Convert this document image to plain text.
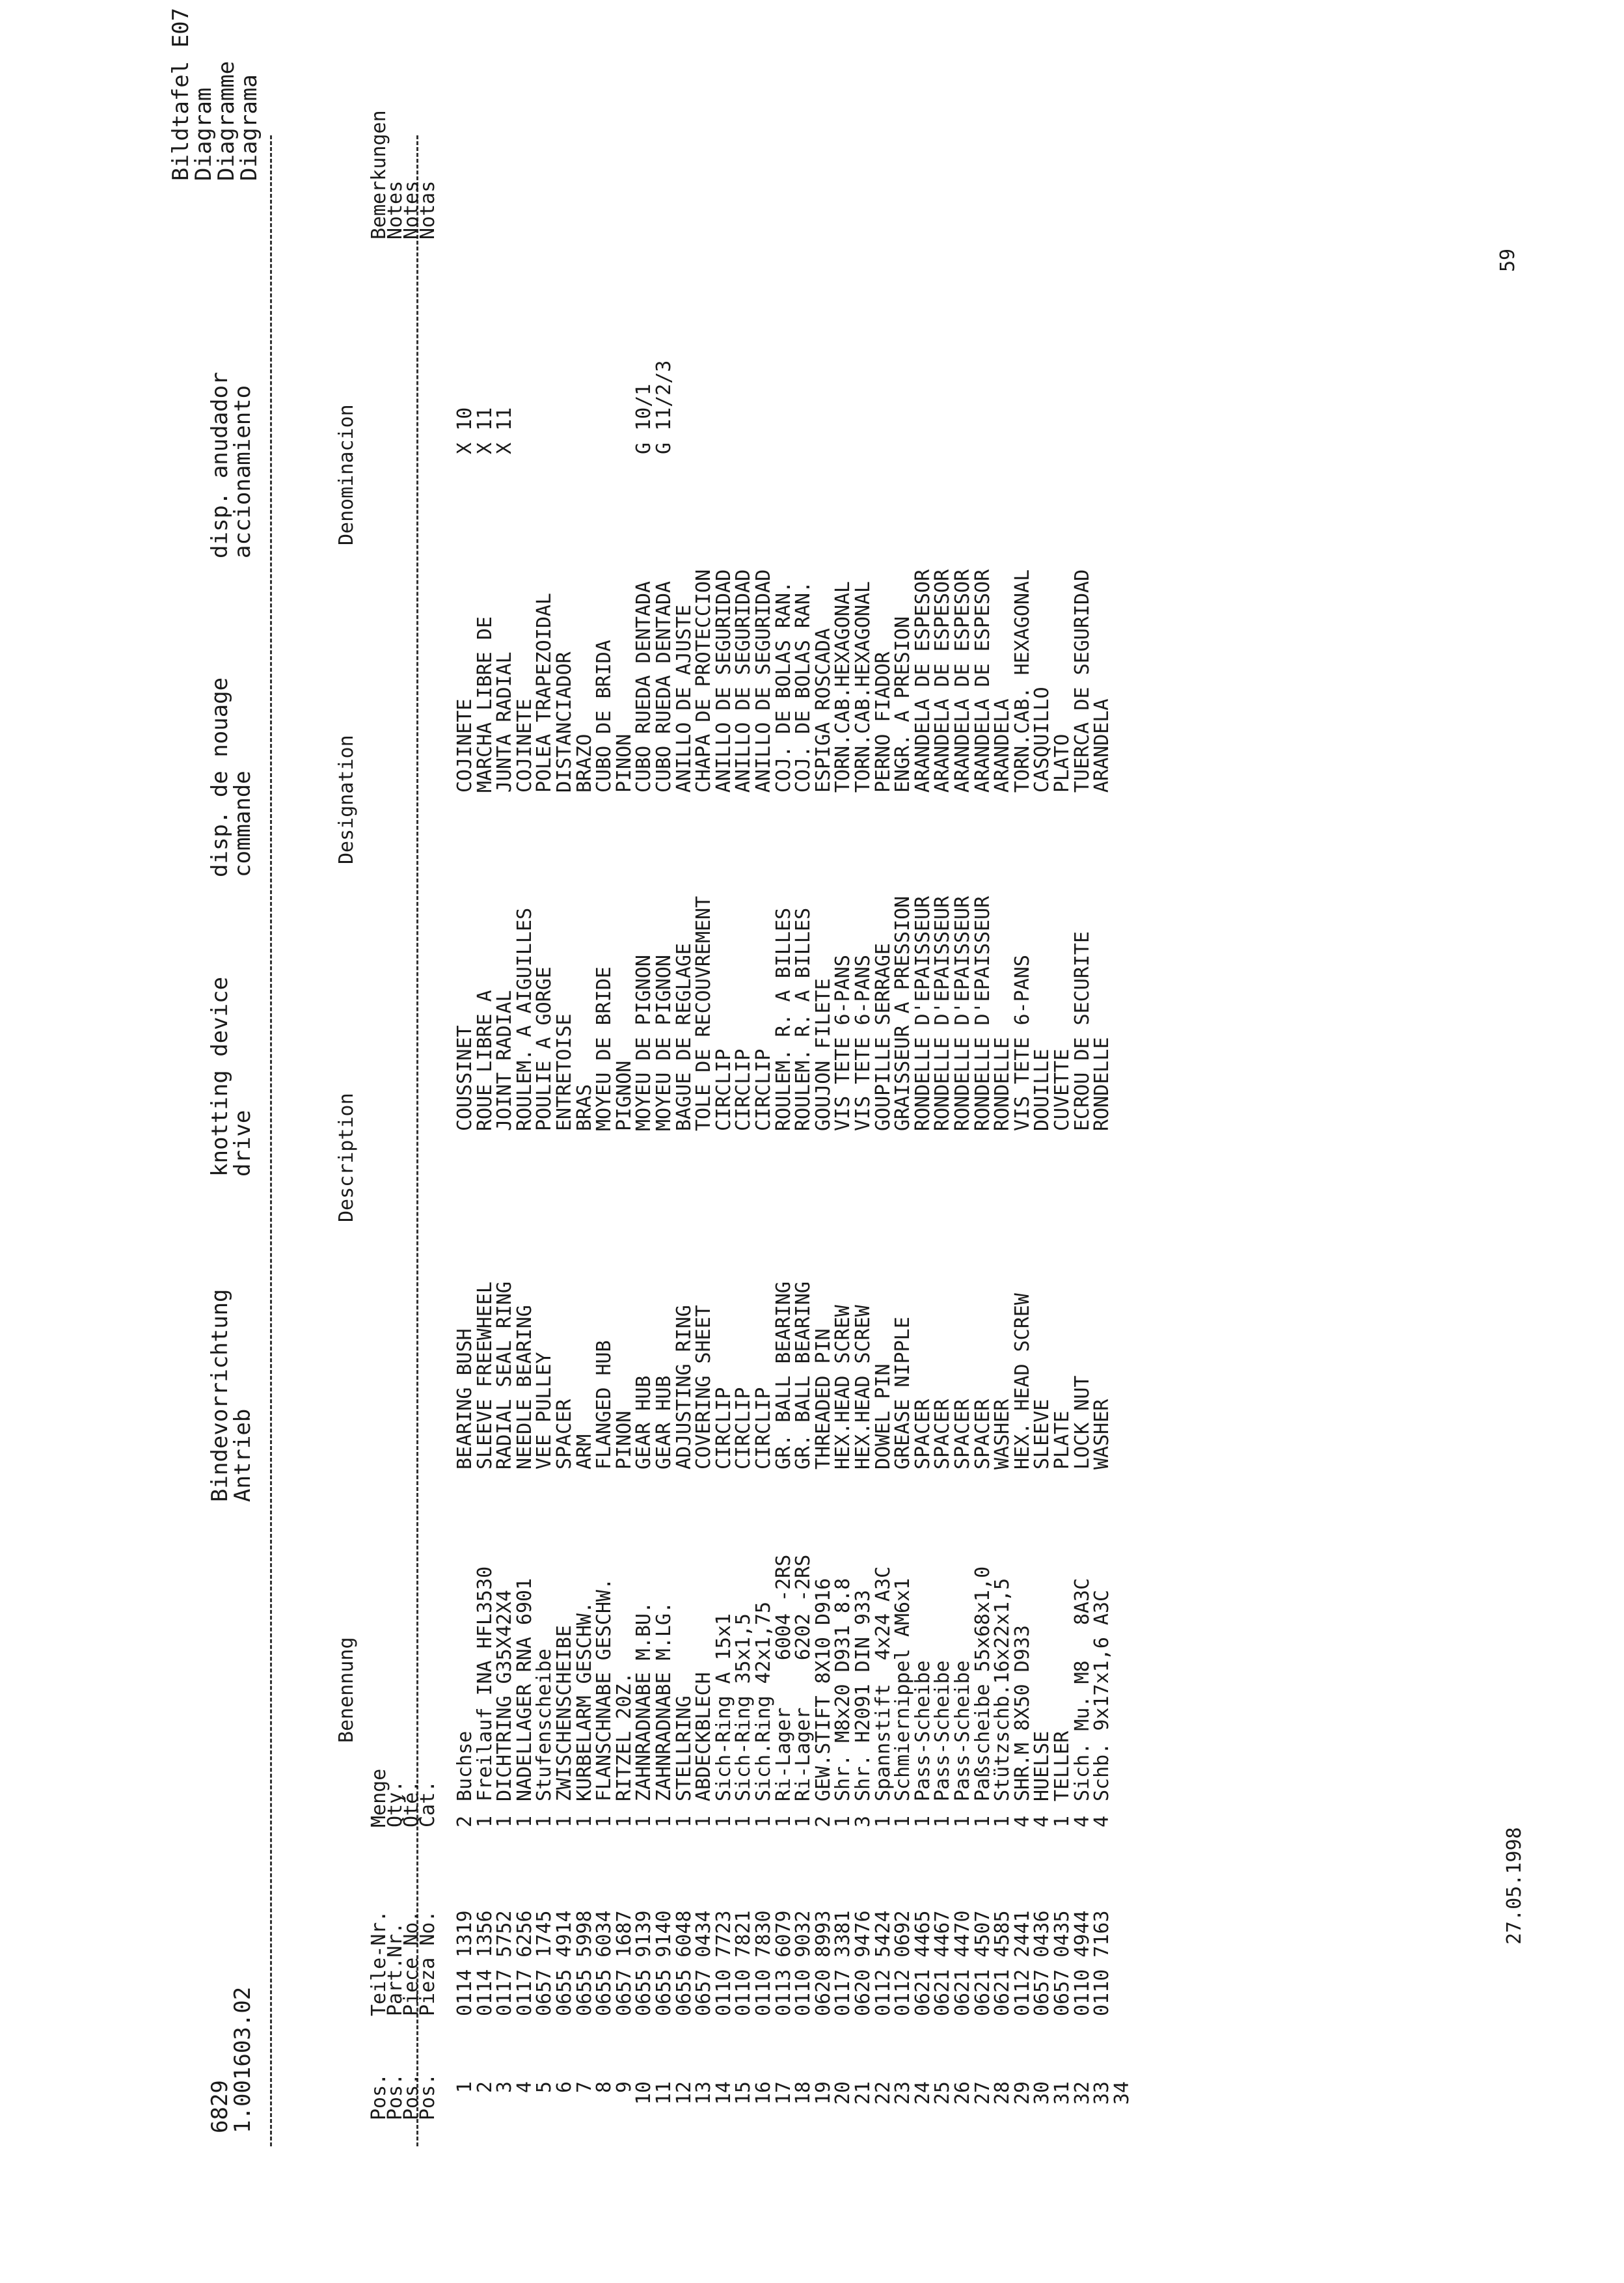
6829
1.001603.02
Bindevorrichtung
Antrieb
knotting device
drive
disp. de nouage
commande
disp. anudador
accionamiento
Bildtafel E07
Diagram
Diagramme
Diagrama

Pos.
Pos.
Pos.
Pos.

Teile-Nr.
Part.Nr.
Piece No.
Pieza No.

Menge
Qty.
Qté.
Cat.

Benennung
Description
Designation
Denominacion

Bemerkungen
Notes
Notes
Notas

1
0114 1319
2
Buchse
BEARING BUSH
COUSSINET
COJINETE
X 10
2
0114 1356
1
Freilauf INA HFL3530
SLEEVE FREEWHEEL
ROUE LIBRE A
MARCHA LIBRE DE
X 11
3
0117 5752
1
DICHTRING G35X42X4
RADIAL SEAL RING
JOINT RADIAL
JUNTA RADIAL
X 11
4
0117 6256
1
NADELLAGER RNA 6901
NEEDLE BEARING
ROULEM. A AIGUILLES
COJINETE
5
0657 1745
1
Stufenscheibe
VEE PULLEY
POULIE A GORGE
POLEA TRAPEZOIDAL
6
0655 4914
1
ZWISCHENSCHEIBE
SPACER
ENTRETOISE
DISTANCIADOR
7
0655 5998
1
KURBELARM GESCHW.
ARM
BRAS
BRAZO
8
0655 6034
1
FLANSCHNABE GESCHW.
FLANGED HUB
MOYEU DE BRIDE
CUBO DE BRIDA
9
0657 1687
1
RITZEL 20Z.
PINON
PIGNON
PINON
10
0655 9139
1
ZAHNRADNABE M.BU.
GEAR HUB
MOYEU DE PIGNON
CUBO RUEDA DENTADA
G 10/1
11
0655 9140
1
ZAHNRADNABE M.LG.
GEAR HUB
MOYEU DE PIGNON
CUBO RUEDA DENTADA
G 11/2/3
12
0655 6048
1
STELLRING
ADJUSTING RING
BAGUE DE REGLAGE
ANILLO DE AJUSTE
13
0657 0434
1
ABDECKBLECH
COVERING SHEET
TOLE DE RECOUVREMENT
CHAPA DE PROTECCION
14
0110 7723
1
Sich-Ring A 15x1
CIRCLIP
CIRCLIP
ANILLO DE SEGURIDAD
15
0110 7821
1
Sich-Ring 35x1,5
CIRCLIP
CIRCLIP
ANILLO DE SEGURIDAD
16
0110 7830
1
Sich.Ring 42x1,75
CIRCLIP
CIRCLIP
ANILLO DE SEGURIDAD
17
0113 6079
1
Ri-Lager    6004 -2RS
GR. BALL BEARING
ROULEM. R. A BILLES
COJ. DE BOLAS RAN.
18
0110 9032
1
Ri-Lager    6202 -2RS
GR. BALL BEARING
ROULEM. R. A BILLES
COJ. DE BOLAS RAN.
19
0620 8993
2
GEW.STIFT 8X10 D916
THREADED PIN
GOUJON FILETE
ESPIGA ROSCADA
20
0117 3381
1
Shr. M8x20 D931 8.8
HEX.HEAD SCREW
VIS TETE 6-PANS
TORN.CAB.HEXAGONAL
21
0620 9476
3
Shr. H2091 DIN 933
HEX.HEAD SCREW
VIS TETE 6-PANS
TORN.CAB.HEXAGONAL
22
0112 5424
1
Spannstift  4x24 A3C
DOWEL PIN
GOUPILLE SERRAGE
PERNO FIADOR
23
0112 0692
1
Schmiernippel AM6x1
GREASE NIPPLE
GRAISSEUR A PRESSION
ENGR. A PRESION
24
0621 4465
1
Pass-Scheibe
SPACER
RONDELLE D'EPAISSEUR
ARANDELA DE ESPESOR
25
0621 4467
1
Pass-Scheibe
SPACER
RONDELLE D'EPAISSEUR
ARANDELA DE ESPESOR
26
0621 4470
1
Pass-Scheibe
SPACER
RONDELLE D'EPAISSEUR
ARANDELA DE ESPESOR
27
0621 4507
1
Paßscheibe 55x68x1,0
SPACER
RONDELLE D'EPAISSEUR
ARANDELA DE ESPESOR
28
0621 4585
1
Stützschb.16x22x1,5
WASHER
RONDELLE
ARANDELA
29
0112 2441
4
SHR.M 8X50 D933
HEX. HEAD SCREW
VIS TETE 6-PANS
TORN.CAB. HEXAGONAL
30
0657 0436
4
HUELSE
SLEEVE
DOUILLE
CASQUILLO
31
0657 0435
1
TELLER
PLATE
CUVETTE
PLATO
32
0110 4944
4
Sich. Mu. M8   8A3C
LOCK NUT
ECROU DE SECURITE
TUERCA DE SEGURIDAD
33
0110 7163
4
Schb. 9x17x1,6 A3C
WASHER
RONDELLE
ARANDELA
34
27.05.1998
59
